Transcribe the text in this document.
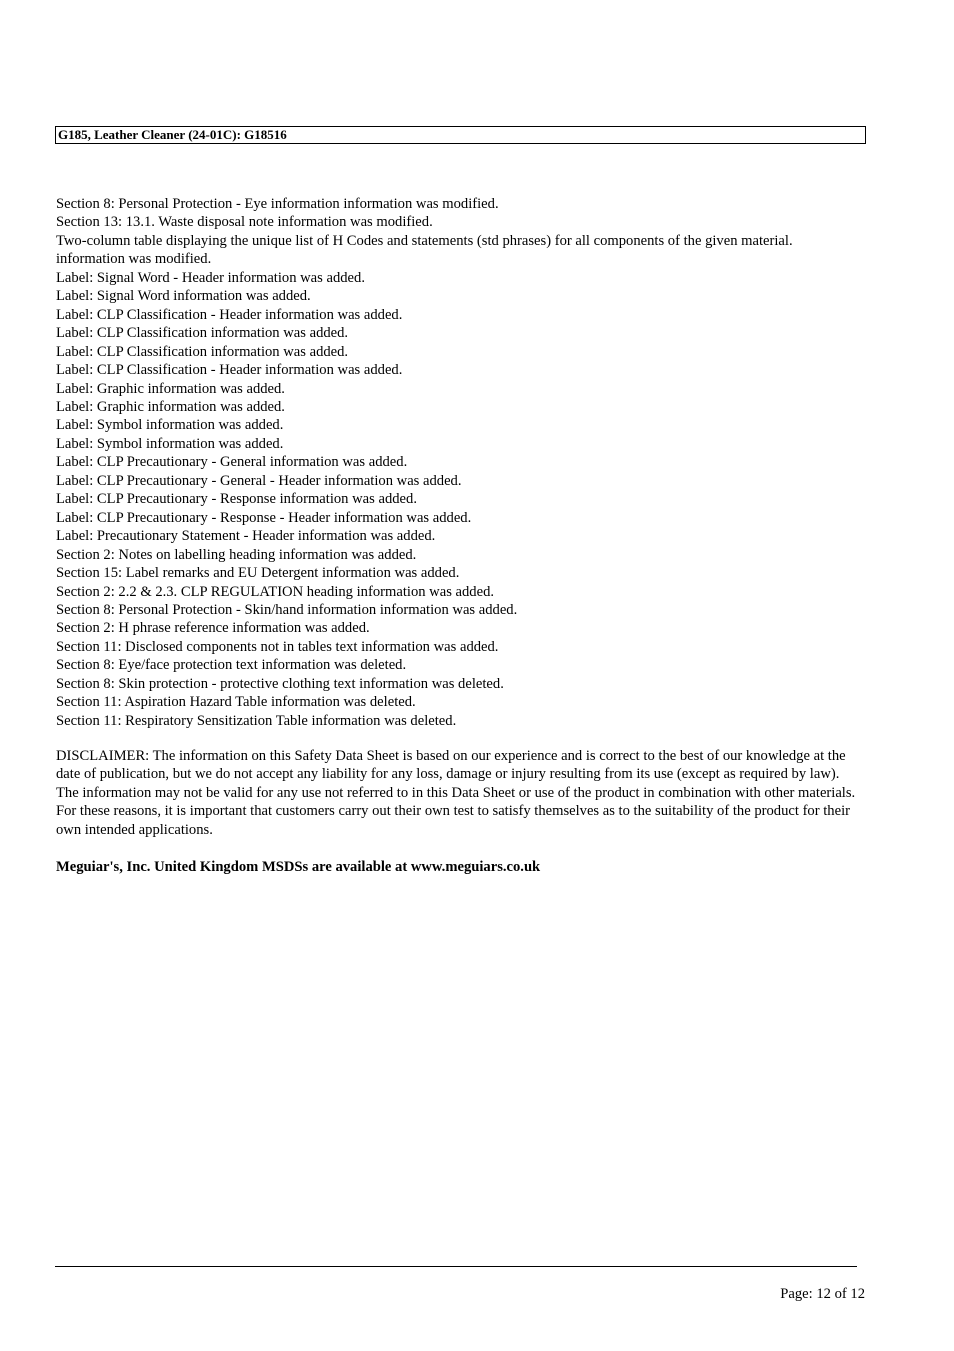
G185, Leather Cleaner (24-01C): G18516
Section 8: Personal Protection - Eye information information was modified.
Section 13: 13.1. Waste disposal note information was modified.
Two-column table displaying the unique list of H Codes and statements (std phrases) for all components of the given material. information was modified.
Label: Signal Word - Header information was added.
Label: Signal Word information was added.
Label: CLP Classification - Header information was added.
Label: CLP Classification information was added.
Label: CLP Classification information was added.
Label: CLP Classification - Header information was added.
Label: Graphic information was added.
Label: Graphic information was added.
Label: Symbol information was added.
Label: Symbol information was added.
Label: CLP Precautionary - General information was added.
Label: CLP Precautionary - General - Header information was added.
Label: CLP Precautionary - Response information was added.
Label: CLP Precautionary - Response - Header information was added.
Label: Precautionary Statement - Header information was added.
Section 2: Notes on labelling heading information was added.
Section 15: Label remarks and EU Detergent information was added.
Section 2: 2.2 & 2.3. CLP REGULATION heading information was added.
Section 8: Personal Protection - Skin/hand information information was added.
Section 2: H phrase reference information was added.
Section 11: Disclosed components not in tables text information was added.
Section 8: Eye/face protection text information was deleted.
Section 8: Skin protection - protective clothing text information was deleted.
Section 11: Aspiration Hazard Table information was deleted.
Section 11: Respiratory Sensitization Table information was deleted.
DISCLAIMER: The information on this Safety Data Sheet is based on our experience and is correct to the best of our knowledge at the date of publication, but we do not accept any liability for any loss, damage or injury resulting from its use (except as required by law). The information may not be valid for any use not referred to in this Data Sheet or use of the product in combination with other materials. For these reasons, it is important that customers carry out their own test to satisfy themselves as to the suitability of the product for their own intended applications.
Meguiar's, Inc. United Kingdom MSDSs are available at www.meguiars.co.uk
Page: 12 of 12
